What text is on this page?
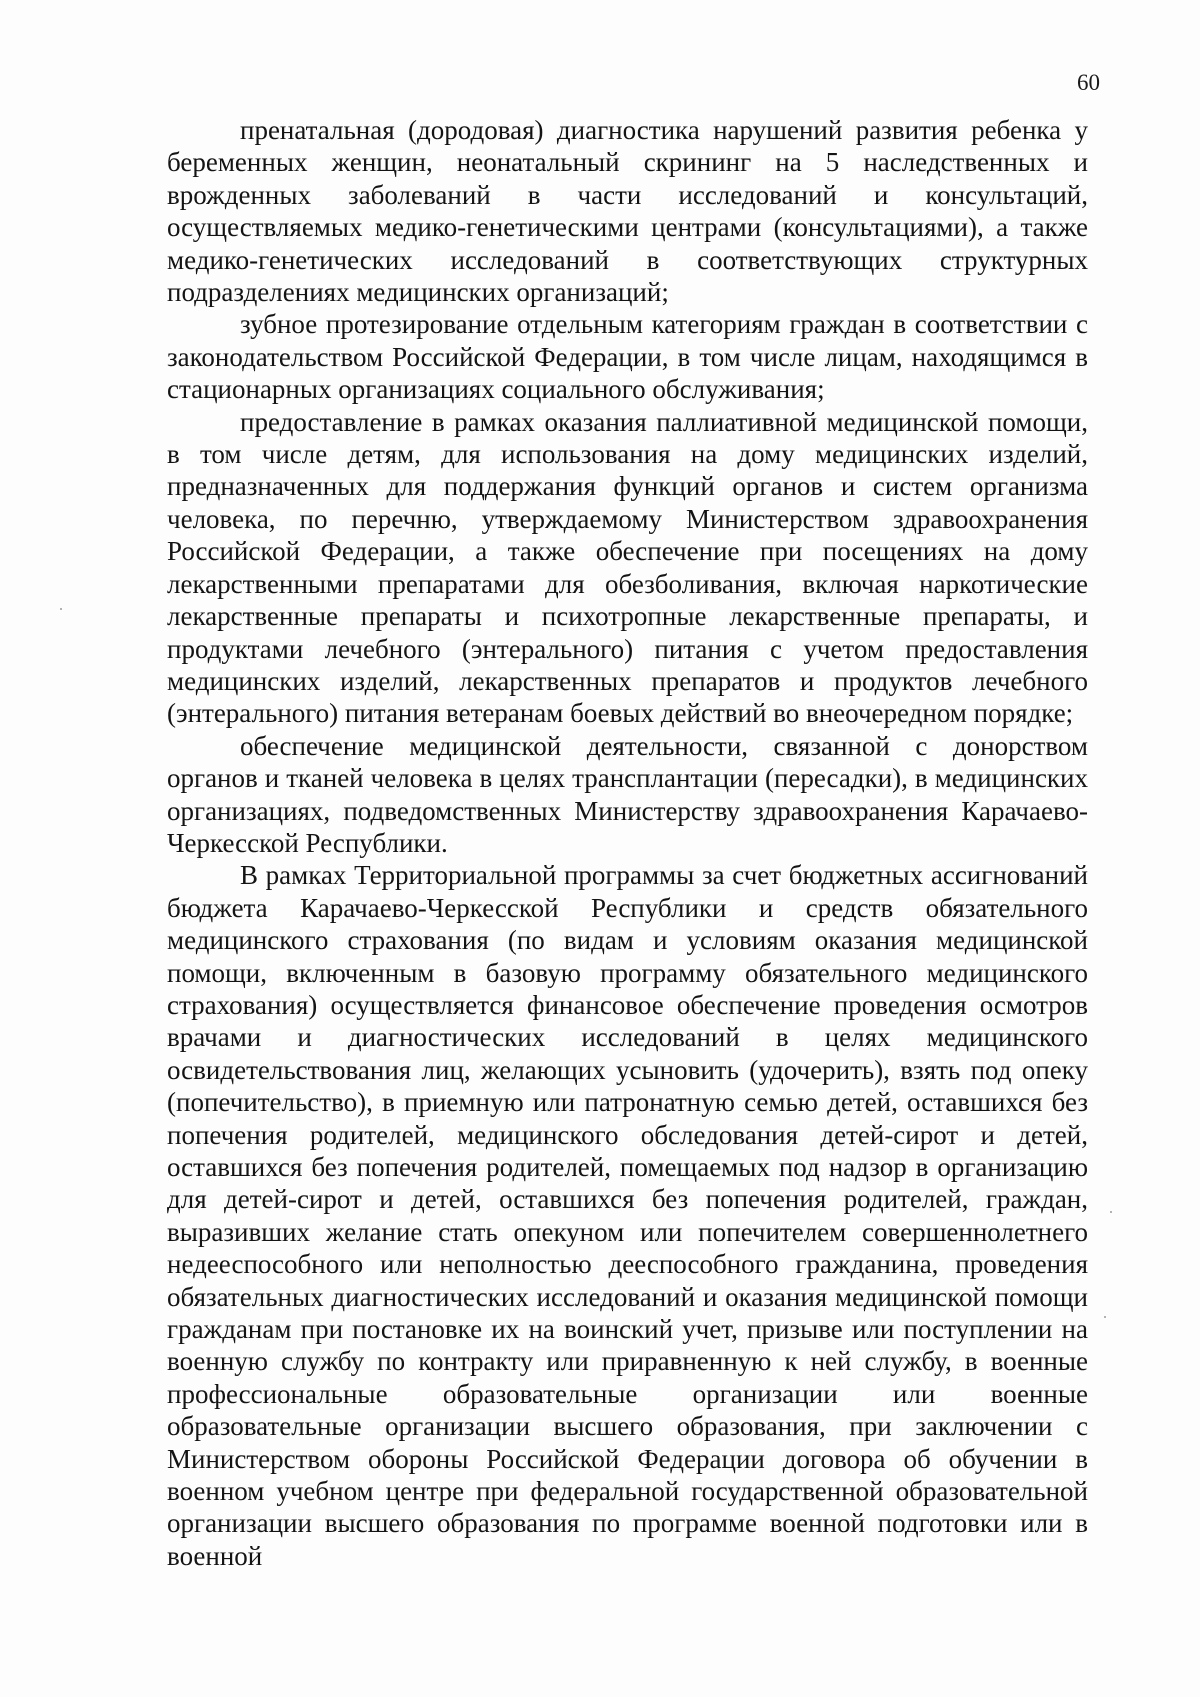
60

пренатальная (дородовая) диагностика нарушений развития ребенка у беременных женщин, неонатальный скрининг на 5 наследственных и врожденных заболеваний в части исследований и консультаций, осуществляемых медико-генетическими центрами (консультациями), а также медико-генетических исследований в соответствующих структурных подразделениях медицинских организаций;

зубное протезирование отдельным категориям граждан в соответствии с законодательством Российской Федерации, в том числе лицам, находящимся в стационарных организациях социального обслуживания;

предоставление в рамках оказания паллиативной медицинской помощи, в том числе детям, для использования на дому медицинских изделий, предназначенных для поддержания функций органов и систем организма человека, по перечню, утверждаемому Министерством здравоохранения Российской Федерации, а также обеспечение при посещениях на дому лекарственными препаратами для обезболивания, включая наркотические лекарственные препараты и психотропные лекарственные препараты, и продуктами лечебного (энтерального) питания с учетом предоставления медицинских изделий, лекарственных препаратов и продуктов лечебного (энтерального) питания ветеранам боевых действий во внеочередном порядке;

обеспечение медицинской деятельности, связанной с донорством органов и тканей человека в целях трансплантации (пересадки), в медицинских организациях, подведомственных Министерству здравоохранения Карачаево-Черкесской Республики.

В рамках Территориальной программы за счет бюджетных ассигнований бюджета Карачаево-Черкесской Республики и средств обязательного медицинского страхования (по видам и условиям оказания медицинской помощи, включенным в базовую программу обязательного медицинского страхования) осуществляется финансовое обеспечение проведения осмотров врачами и диагностических исследований в целях медицинского освидетельствования лиц, желающих усыновить (удочерить), взять под опеку (попечительство), в приемную или патронатную семью детей, оставшихся без попечения родителей, медицинского обследования детей-сирот и детей, оставшихся без попечения родителей, помещаемых под надзор в организацию для детей-сирот и детей, оставшихся без попечения родителей, граждан, выразивших желание стать опекуном или попечителем совершеннолетнего недееспособного или неполностью дееспособного гражданина, проведения обязательных диагностических исследований и оказания медицинской помощи гражданам при постановке их на воинский учет, призыве или поступлении на военную службу по контракту или приравненную к ней службу, в военные профессиональные образовательные организации или военные образовательные организации высшего образования, при заключении с Министерством обороны Российской Федерации договора об обучении в военном учебном центре при федеральной государственной образовательной организации высшего образования по программе военной подготовки или в военной
